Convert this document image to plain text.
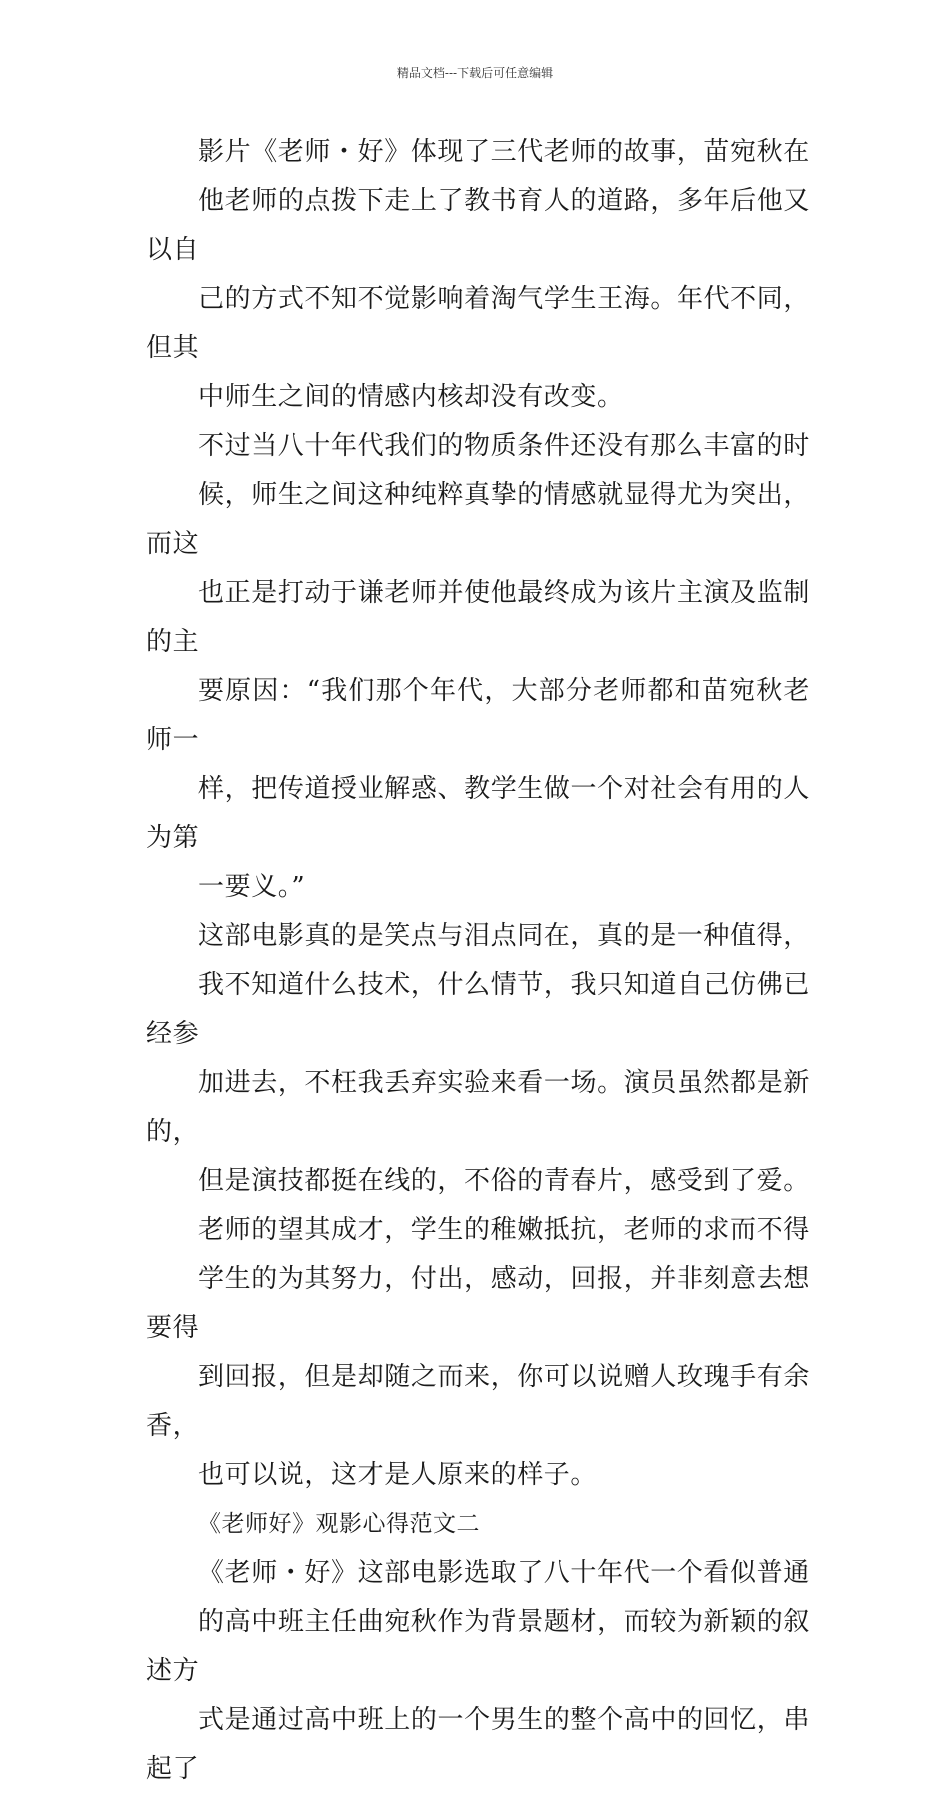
精品文档---下载后可任意编辑

影片《老师・好》体现了三代老师的故事，苗宛秋在
他老师的点拨下走上了教书育人的道路，多年后他又以自
己的方式不知不觉影响着淘气学生王海。年代不同，但其
中师生之间的情感内核却没有改变。

不过当八十年代我们的物质条件还没有那么丰富的时
候，师生之间这种纯粹真挚的情感就显得尤为突出，而这
也正是打动于谦老师并使他最终成为该片主演及监制的主
要原因：“我们那个年代，大部分老师都和苗宛秋老师一
样，把传道授业解惑、教学生做一个对社会有用的人为第
一要义。”

这部电影真的是笑点与泪点同在，真的是一种值得，
我不知道什么技术，什么情节，我只知道自己仿佛已经参
加进去，不枉我丢弃实验来看一场。演员虽然都是新的，
但是演技都挺在线的，不俗的青春片，感受到了爱。

老师的望其成才，学生的稚嫩抵抗，老师的求而不得
学生的为其努力，付出，感动，回报，并非刻意去想要得
到回报，但是却随之而来，你可以说赠人玫瑰手有余香，
也可以说，这才是人原来的样子。

《老师好》观影心得范文二

《老师・好》这部电影选取了八十年代一个看似普通
的高中班主任曲宛秋作为背景题材，而较为新颖的叙述方
式是通过高中班上的一个男生的整个高中的回忆，串起了
